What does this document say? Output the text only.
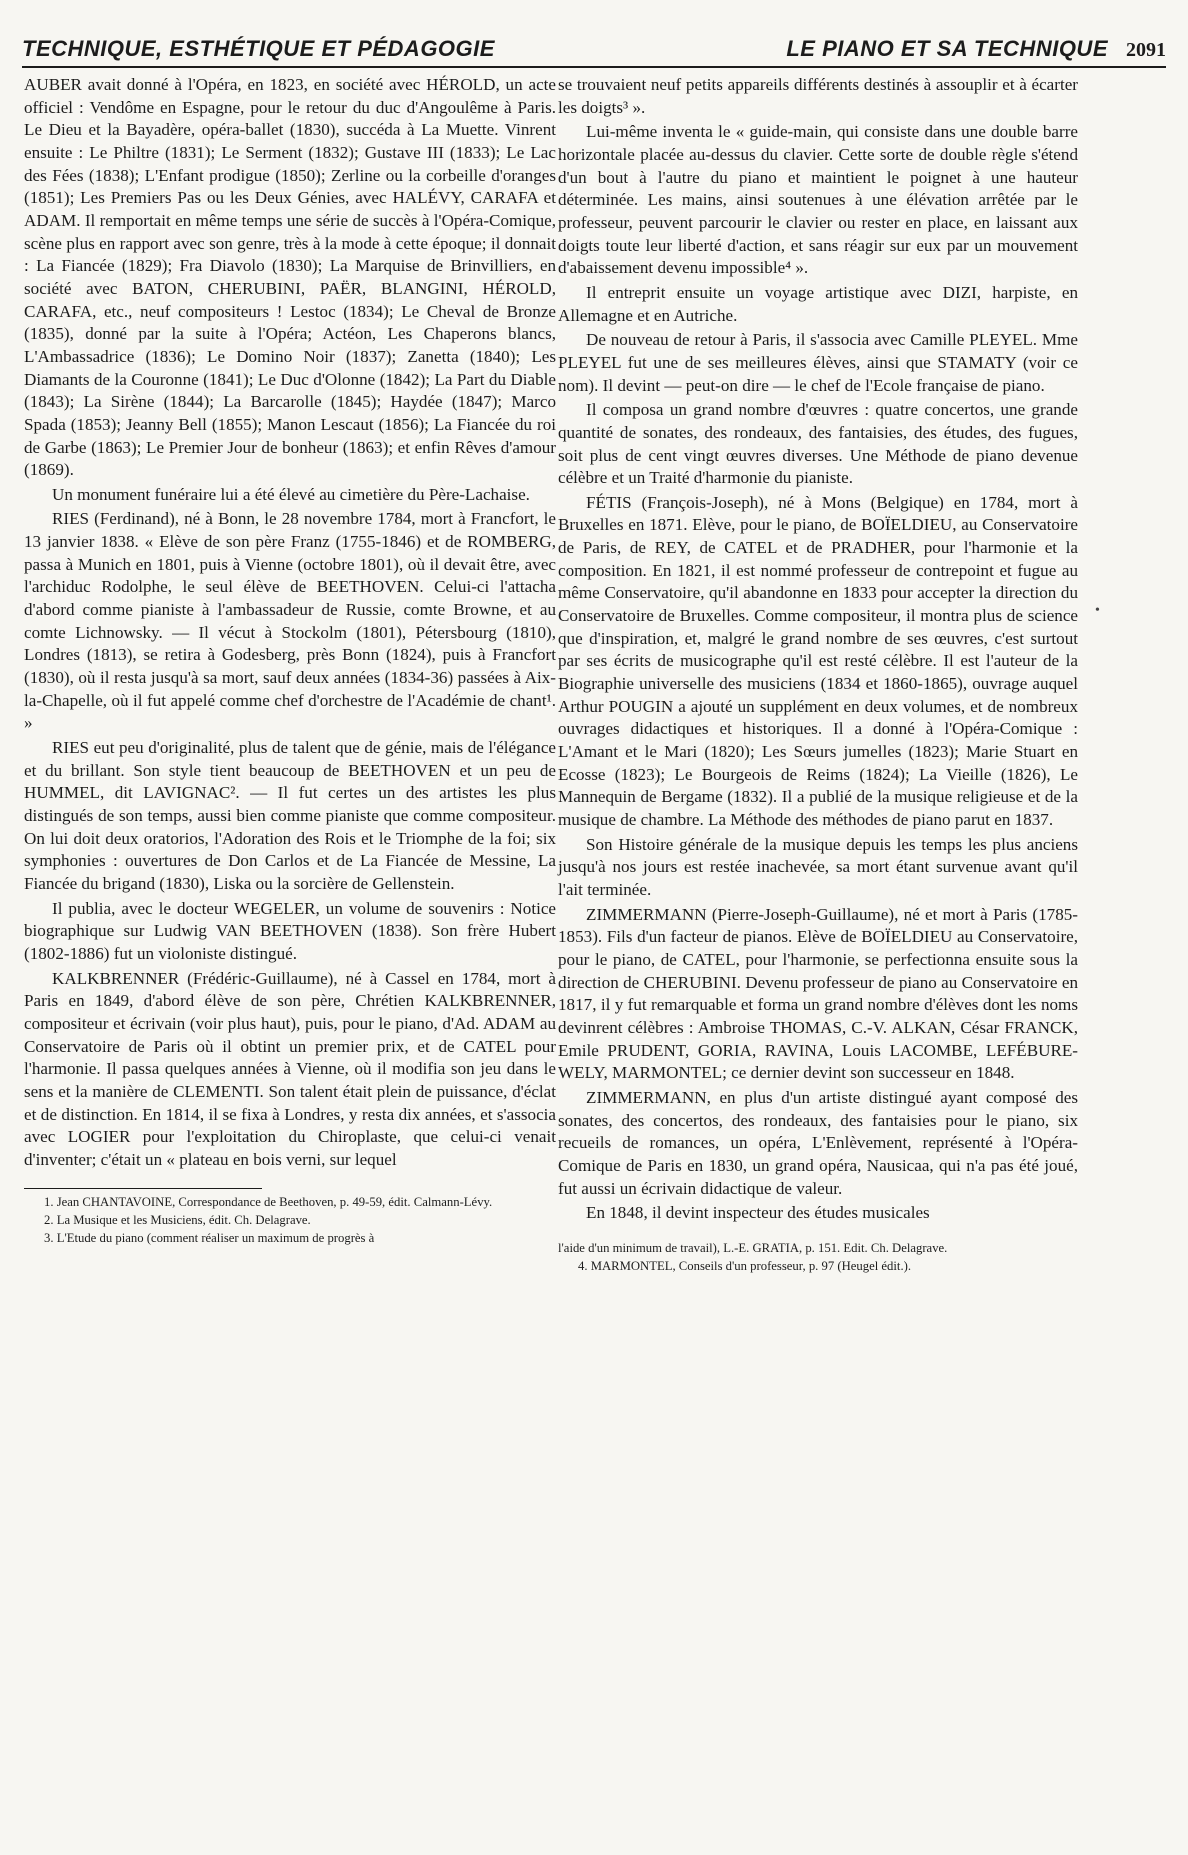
TECHNIQUE, ESTHÉTIQUE ET PÉDAGOGIE	LE PIANO ET SA TECHNIQUE 2091

AUBER avait donné à l'Opéra, en 1823, en société avec HÉROLD, un acte officiel : Vendôme en Espagne, pour le retour du duc d'Angoulême à Paris. Le Dieu et la Bayadère, opéra-ballet (1830), succéda à La Muette. Vinrent ensuite : Le Philtre (1831); Le Serment (1832); Gustave III (1833); Le Lac des Fées (1838); L'Enfant prodigue (1850); Zerline ou la corbeille d'oranges (1851); Les Premiers Pas ou les Deux Génies, avec HALÉVY, CARAFA et ADAM. Il remportait en même temps une série de succès à l'Opéra-Comique, scène plus en rapport avec son genre, très à la mode à cette époque; il donnait : La Fiancée (1829); Fra Diavolo (1830); La Marquise de Brinvilliers, en société avec BATON, CHERUBINI, PAËR, BLANGINI, HÉROLD, CARAFA, etc., neuf compositeurs ! Lestoc (1834); Le Cheval de Bronze (1835), donné par la suite à l'Opéra; Actéon, Les Chaperons blancs, L'Ambassadrice (1836); Le Domino Noir (1837); Zanetta (1840); Les Diamants de la Couronne (1841); Le Duc d'Olonne (1842); La Part du Diable (1843); La Sirène (1844); La Barcarolle (1845); Haydée (1847); Marco Spada (1853); Jeanny Bell (1855); Manon Lescaut (1856); La Fiancée du roi de Garbe (1863); Le Premier Jour de bonheur (1863); et enfin Rêves d'amour (1869).

Un monument funéraire lui a été élevé au cimetière du Père-Lachaise.

RIES (Ferdinand), né à Bonn, le 28 novembre 1784, mort à Francfort, le 13 janvier 1838. « Elève de son père Franz (1755-1846) et de ROMBERG, passa à Munich en 1801, puis à Vienne (octobre 1801), où il devait être, avec l'archiduc Rodolphe, le seul élève de BEETHOVEN. Celui-ci l'attacha d'abord comme pianiste à l'ambassadeur de Russie, comte Browne, et au comte Lichnowsky. — Il vécut à Stockolm (1801), Pétersbourg (1810), Londres (1813), se retira à Godesberg, près Bonn (1824), puis à Francfort (1830), où il resta jusqu'à sa mort, sauf deux années (1834-36) passées à Aix-la-Chapelle, où il fut appelé comme chef d'orchestre de l'Académie de chant¹. »

RIES eut peu d'originalité, plus de talent que de génie, mais de l'élégance et du brillant. Son style tient beaucoup de BEETHOVEN et un peu de HUMMEL, dit LAVIGNAC². — Il fut certes un des artistes les plus distingués de son temps, aussi bien comme pianiste que comme compositeur. On lui doit deux oratorios, l'Adoration des Rois et le Triomphe de la foi; six symphonies : ouvertures de Don Carlos et de La Fiancée de Messine, La Fiancée du brigand (1830), Liska ou la sorcière de Gellenstein.

Il publia, avec le docteur WEGELER, un volume de souvenirs : Notice biographique sur Ludwig VAN BEETHOVEN (1838). Son frère Hubert (1802-1886) fut un violoniste distingué.

KALKBRENNER (Frédéric-Guillaume), né à Cassel en 1784, mort à Paris en 1849, d'abord élève de son père, Chrétien KALKBRENNER, compositeur et écrivain (voir plus haut), puis, pour le piano, d'Ad. ADAM au Conservatoire de Paris où il obtint un premier prix, et de CATEL pour l'harmonie. Il passa quelques années à Vienne, où il modifia son jeu dans le sens et la manière de CLEMENTI. Son talent était plein de puissance, d'éclat et de distinction. En 1814, il se fixa à Londres, y resta dix années, et s'associa avec LOGIER pour l'exploitation du Chiroplaste, que celui-ci venait d'inventer; c'était un « plateau en bois verni, sur lequel

1. Jean CHANTAVOINE, Correspondance de Beethoven, p. 49-59, édit. Calmann-Lévy.

2. La Musique et les Musiciens, édit. Ch. Delagrave.

3. L'Etude du piano (comment réaliser un maximum de progrès à

se trouvaient neuf petits appareils différents destinés à assouplir et à écarter les doigts³ ».

Lui-même inventa le « guide-main, qui consiste dans une double barre horizontale placée au-dessus du clavier. Cette sorte de double règle s'étend d'un bout à l'autre du piano et maintient le poignet à une hauteur déterminée. Les mains, ainsi soutenues à une élévation arrêtée par le professeur, peuvent parcourir le clavier ou rester en place, en laissant aux doigts toute leur liberté d'action, et sans réagir sur eux par un mouvement d'abaissement devenu impossible⁴ ».

Il entreprit ensuite un voyage artistique avec DIZI, harpiste, en Allemagne et en Autriche.

De nouveau de retour à Paris, il s'associa avec Camille PLEYEL. Mme PLEYEL fut une de ses meilleures élèves, ainsi que STAMATY (voir ce nom). Il devint — peut-on dire — le chef de l'Ecole française de piano.

Il composa un grand nombre d'œuvres : quatre concertos, une grande quantité de sonates, des rondeaux, des fantaisies, des études, des fugues, soit plus de cent vingt œuvres diverses. Une Méthode de piano devenue célèbre et un Traité d'harmonie du pianiste.

FÉTIS (François-Joseph), né à Mons (Belgique) en 1784, mort à Bruxelles en 1871. Elève, pour le piano, de BOÏELDIEU, au Conservatoire de Paris, de REY, de CATEL et de PRADHER, pour l'harmonie et la composition. En 1821, il est nommé professeur de contrepoint et fugue au même Conservatoire, qu'il abandonne en 1833 pour accepter la direction du Conservatoire de Bruxelles. Comme compositeur, il montra plus de science que d'inspiration, et, malgré le grand nombre de ses œuvres, c'est surtout par ses écrits de musicographe qu'il est resté célèbre. Il est l'auteur de la Biographie universelle des musiciens (1834 et 1860-1865), ouvrage auquel Arthur POUGIN a ajouté un supplément en deux volumes, et de nombreux ouvrages didactiques et historiques. Il a donné à l'Opéra-Comique : L'Amant et le Mari (1820); Les Sœurs jumelles (1823); Marie Stuart en Ecosse (1823); Le Bourgeois de Reims (1824); La Vieille (1826), Le Mannequin de Bergame (1832). Il a publié de la musique religieuse et de la musique de chambre. La Méthode des méthodes de piano parut en 1837.

Son Histoire générale de la musique depuis les temps les plus anciens jusqu'à nos jours est restée inachevée, sa mort étant survenue avant qu'il l'ait terminée.

ZIMMERMANN (Pierre-Joseph-Guillaume), né et mort à Paris (1785-1853). Fils d'un facteur de pianos. Elève de BOÏELDIEU au Conservatoire, pour le piano, de CATEL, pour l'harmonie, se perfectionna ensuite sous la direction de CHERUBINI. Devenu professeur de piano au Conservatoire en 1817, il y fut remarquable et forma un grand nombre d'élèves dont les noms devinrent célèbres : Ambroise THOMAS, C.-V. ALKAN, César FRANCK, Emile PRUDENT, GORIA, RAVINA, Louis LACOMBE, LEFÉBURE-WELY, MARMONTEL; ce dernier devint son successeur en 1848.

ZIMMERMANN, en plus d'un artiste distingué ayant composé des sonates, des concertos, des rondeaux, des fantaisies pour le piano, six recueils de romances, un opéra, L'Enlèvement, représenté à l'Opéra-Comique de Paris en 1830, un grand opéra, Nausicaa, qui n'a pas été joué, fut aussi un écrivain didactique de valeur.

En 1848, il devint inspecteur des études musicales

l'aide d'un minimum de travail), L.-E. GRATIA, p. 151. Edit. Ch. Delagrave.

4. MARMONTEL, Conseils d'un professeur, p. 97 (Heugel édit.).

•
